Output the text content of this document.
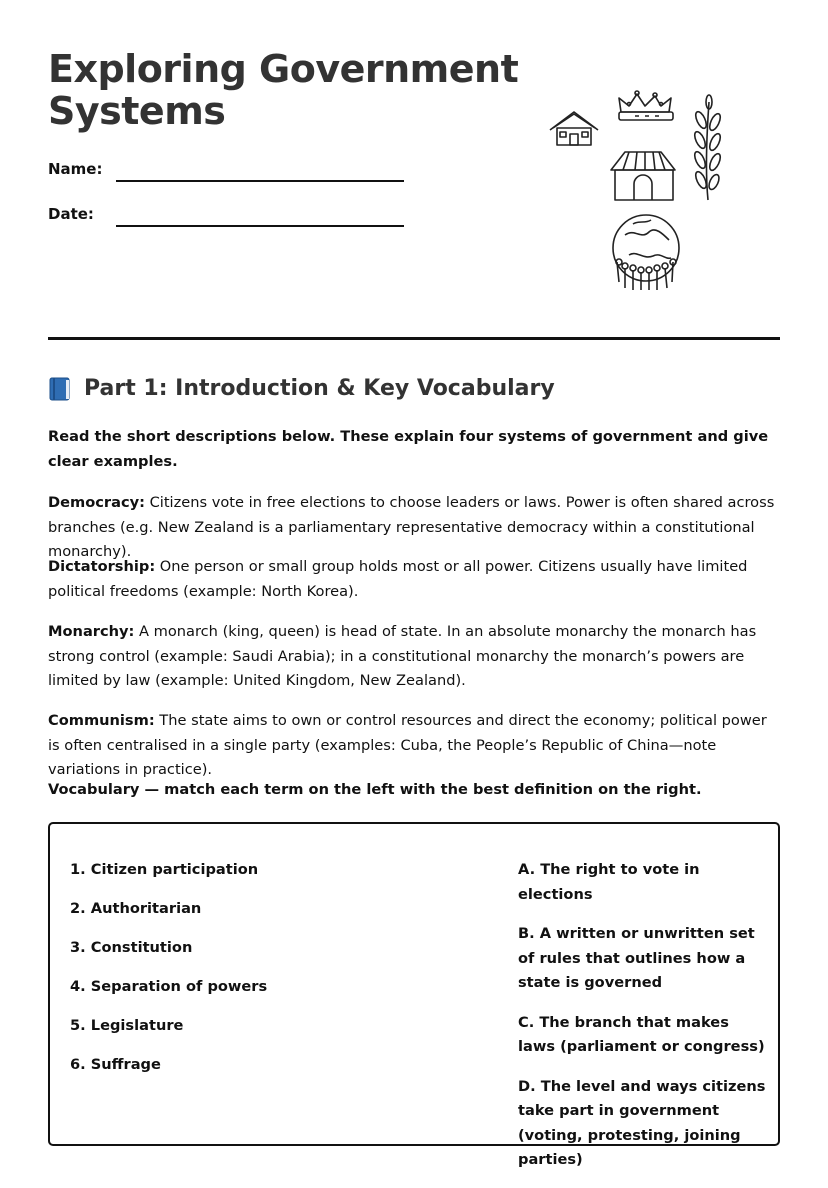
Exploring Government
Systems
Name:
Date:
Part 1: Introduction & Key Vocabulary

Read the short descriptions below. These explain four systems of government and give clear examples.

Democracy: Citizens vote in free elections to choose leaders or laws. Power is often shared across branches (e.g. New Zealand is a parliamentary representative democracy within a constitutional monarchy).

Dictatorship: One person or small group holds most or all power. Citizens usually have limited political freedoms (example: North Korea).

Monarchy: A monarch (king, queen) is head of state. In an absolute monarchy the monarch has strong control (example: Saudi Arabia); in a constitutional monarchy the monarch’s powers are limited by law (example: United Kingdom, New Zealand).

Communism: The state aims to own or control resources and direct the economy; political power is often centralised in a single party (examples: Cuba, the People’s Republic of China—note variations in practice).

Vocabulary — match each term on the left with the best definition on the right.

1. Citizen participation
2. Authoritarian
3. Constitution
4. Separation of powers
5. Legislature
6. Suffrage
A. The right to vote in elections
B. A written or unwritten set of rules that outlines how a state is governed
C. The branch that makes laws (parliament or congress)
D. The level and ways citizens take part in government (voting, protesting, joining parties)
